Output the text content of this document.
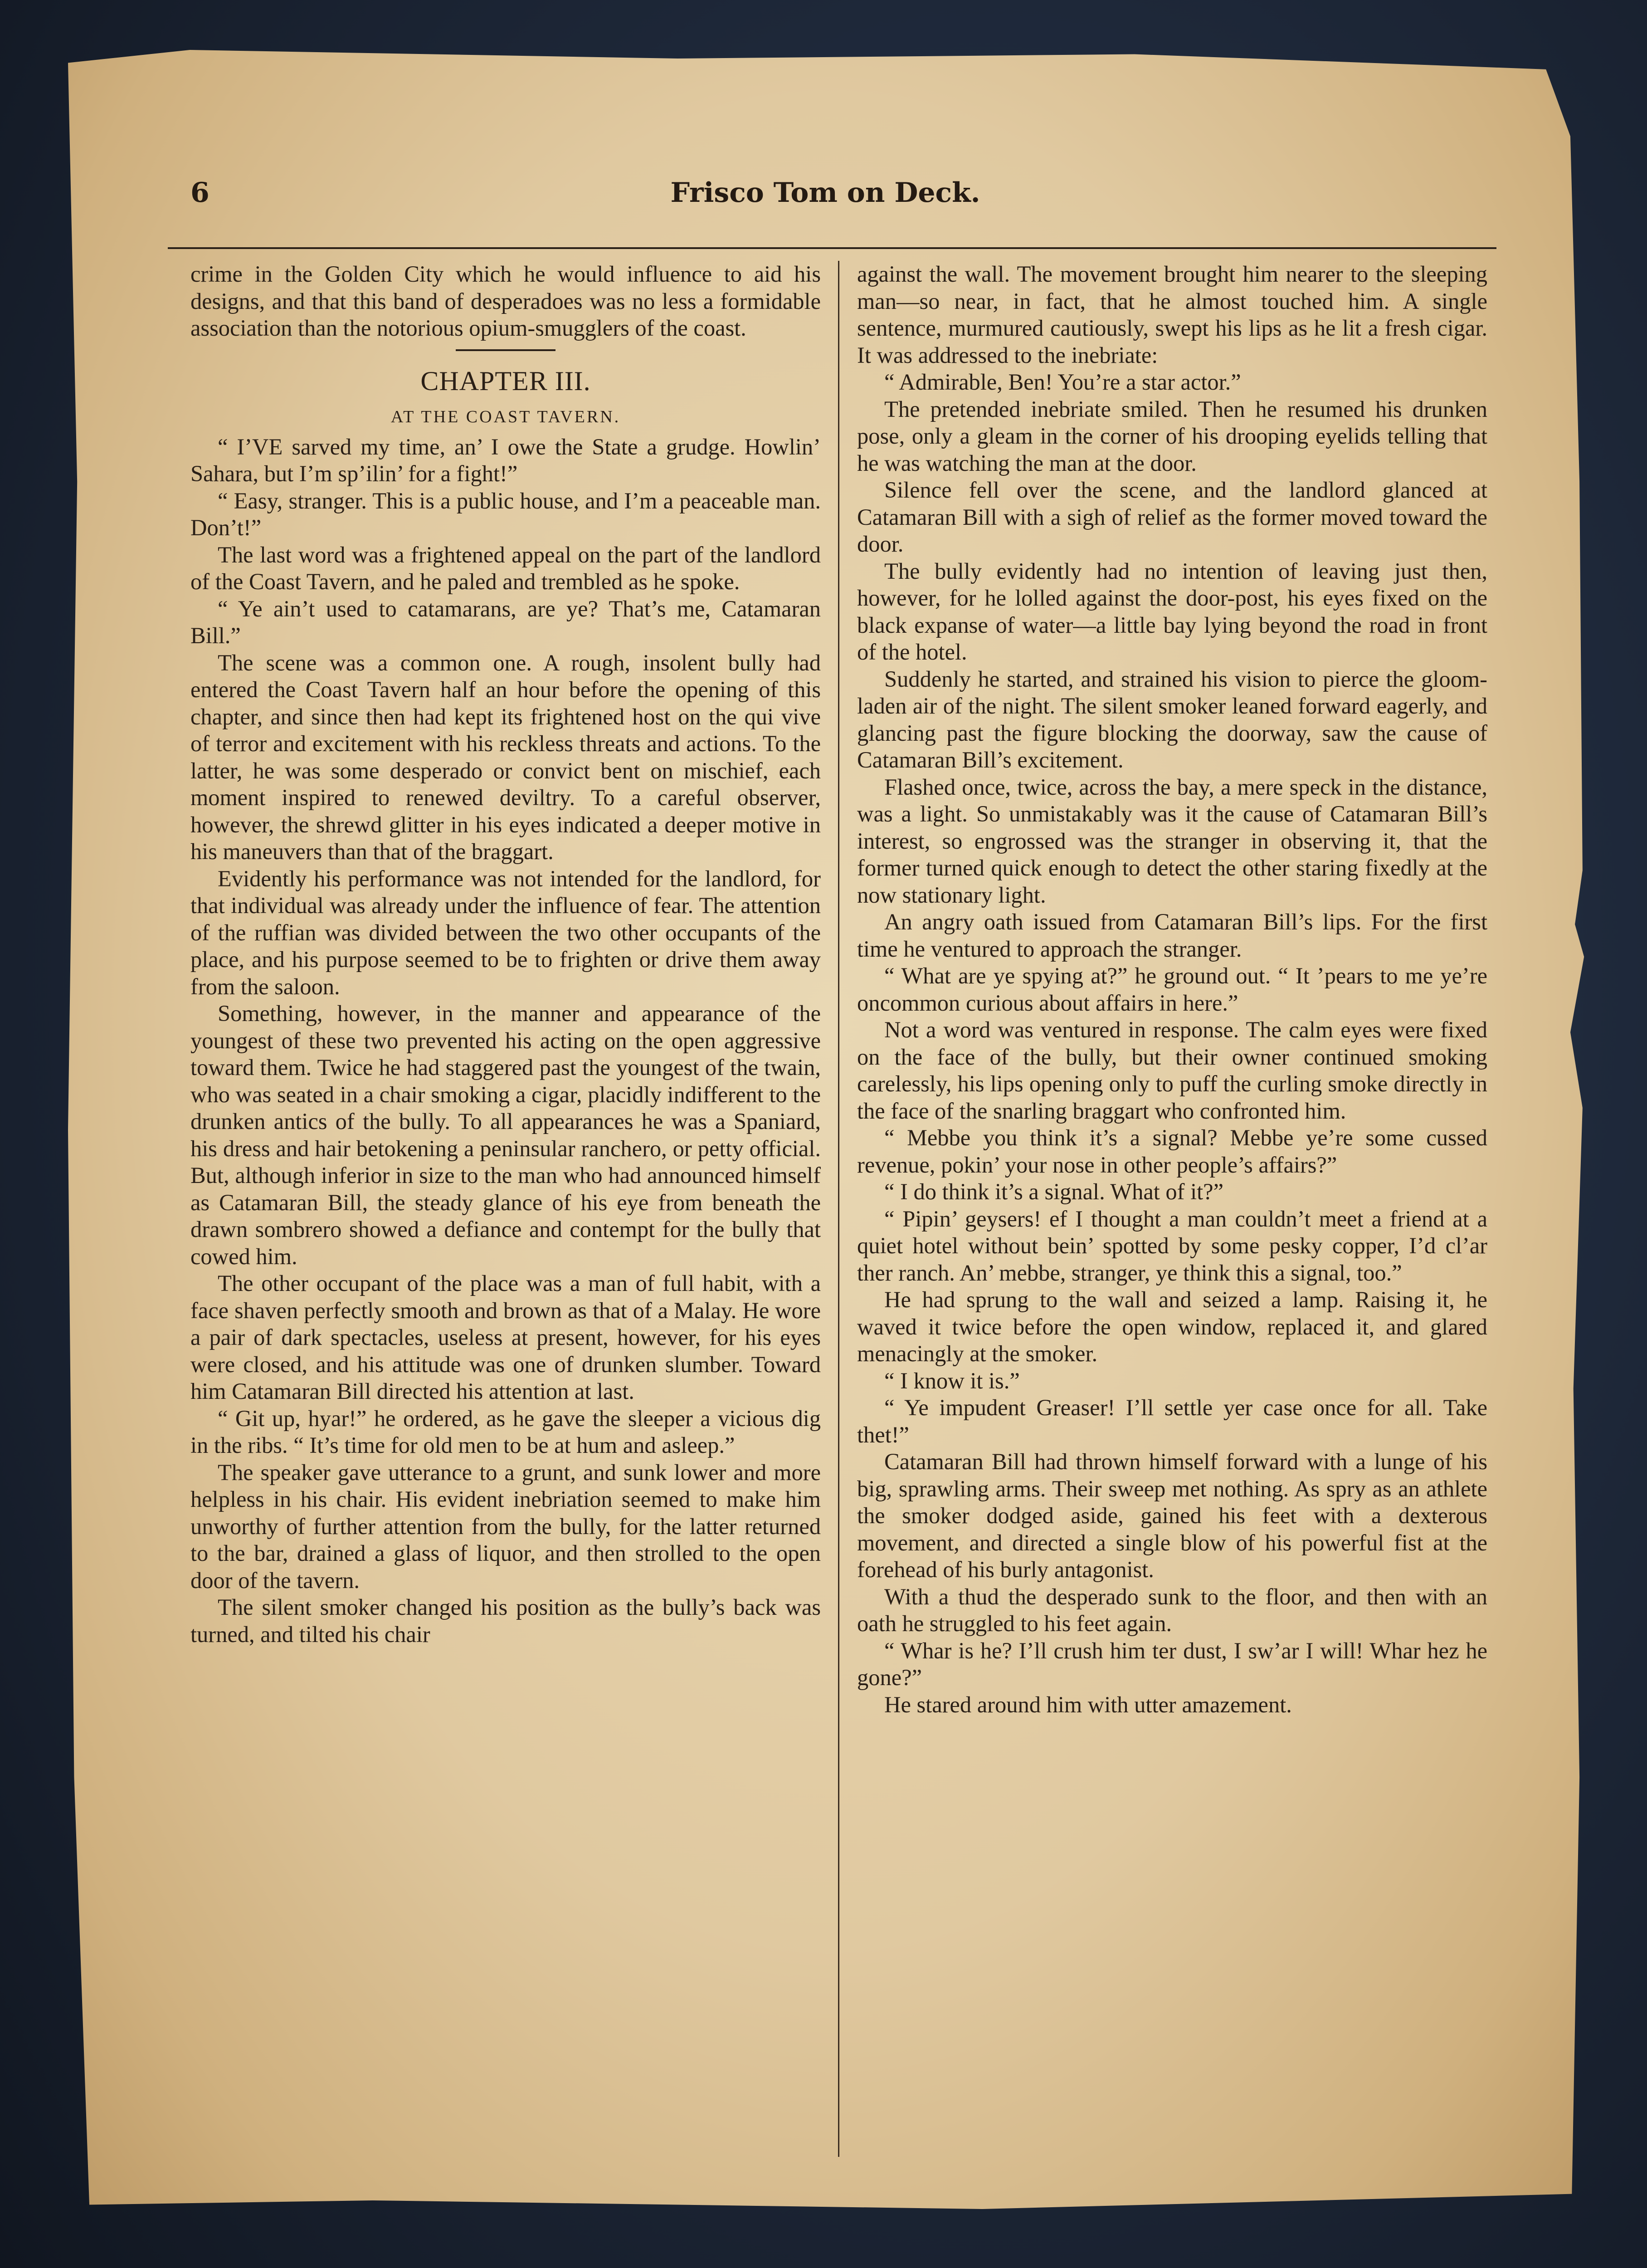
6	Frisco Tom on Deck.

crime in the Golden City which he would influence to aid his designs, and that this band of desperadoes was no less a formidable association than the notorious opium-smugglers of the coast.

CHAPTER III.
AT THE COAST TAVERN.

“ I’VE sarved my time, an’ I owe the State a grudge. Howlin’ Sahara, but I’m sp’ilin’ for a fight!”

“ Easy, stranger. This is a public house, and I’m a peaceable man. Don’t!”

The last word was a frightened appeal on the part of the landlord of the Coast Tavern, and he paled and trembled as he spoke.

“ Ye ain’t used to catamarans, are ye? That’s me, Catamaran Bill.”

The scene was a common one. A rough, insolent bully had entered the Coast Tavern half an hour before the opening of this chapter, and since then had kept its frightened host on the qui vive of terror and excitement with his reckless threats and actions. To the latter, he was some desperado or convict bent on mischief, each moment inspired to renewed deviltry. To a careful observer, however, the shrewd glitter in his eyes indicated a deeper motive in his maneuvers than that of the braggart.

Evidently his performance was not intended for the landlord, for that individual was already under the influence of fear. The attention of the ruffian was divided between the two other occupants of the place, and his purpose seemed to be to frighten or drive them away from the saloon.

Something, however, in the manner and appearance of the youngest of these two prevented his acting on the open aggressive toward them. Twice he had staggered past the youngest of the twain, who was seated in a chair smoking a cigar, placidly indifferent to the drunken antics of the bully. To all appearances he was a Spaniard, his dress and hair betokening a peninsular ranchero, or petty official. But, although inferior in size to the man who had announced himself as Catamaran Bill, the steady glance of his eye from beneath the drawn sombrero showed a defiance and contempt for the bully that cowed him.

The other occupant of the place was a man of full habit, with a face shaven perfectly smooth and brown as that of a Malay. He wore a pair of dark spectacles, useless at present, however, for his eyes were closed, and his attitude was one of drunken slumber. Toward him Catamaran Bill directed his attention at last.

“ Git up, hyar!” he ordered, as he gave the sleeper a vicious dig in the ribs. “ It’s time for old men to be at hum and asleep.”

The speaker gave utterance to a grunt, and sunk lower and more helpless in his chair. His evident inebriation seemed to make him unworthy of further attention from the bully, for the latter returned to the bar, drained a glass of liquor, and then strolled to the open door of the tavern.

The silent smoker changed his position as the bully’s back was turned, and tilted his chair

against the wall. The movement brought him nearer to the sleeping man—so near, in fact, that he almost touched him. A single sentence, murmured cautiously, swept his lips as he lit a fresh cigar. It was addressed to the inebriate:

“ Admirable, Ben! You’re a star actor.”

The pretended inebriate smiled. Then he resumed his drunken pose, only a gleam in the corner of his drooping eyelids telling that he was watching the man at the door.

Silence fell over the scene, and the landlord glanced at Catamaran Bill with a sigh of relief as the former moved toward the door.

The bully evidently had no intention of leaving just then, however, for he lolled against the door-post, his eyes fixed on the black expanse of water—a little bay lying beyond the road in front of the hotel.

Suddenly he started, and strained his vision to pierce the gloom-laden air of the night. The silent smoker leaned forward eagerly, and glancing past the figure blocking the doorway, saw the cause of Catamaran Bill’s excitement.

Flashed once, twice, across the bay, a mere speck in the distance, was a light. So unmistakably was it the cause of Catamaran Bill’s interest, so engrossed was the stranger in observing it, that the former turned quick enough to detect the other staring fixedly at the now stationary light.

An angry oath issued from Catamaran Bill’s lips. For the first time he ventured to approach the stranger.

“ What are ye spying at?” he ground out. “ It ’pears to me ye’re oncommon curious about affairs in here.”

Not a word was ventured in response. The calm eyes were fixed on the face of the bully, but their owner continued smoking carelessly, his lips opening only to puff the curling smoke directly in the face of the snarling braggart who confronted him.

“ Mebbe you think it’s a signal? Mebbe ye’re some cussed revenue, pokin’ your nose in other people’s affairs?”

“ I do think it’s a signal. What of it?”

“ Pipin’ geysers! ef I thought a man couldn’t meet a friend at a quiet hotel without bein’ spotted by some pesky copper, I’d cl’ar ther ranch. An’ mebbe, stranger, ye think this a signal, too.”

He had sprung to the wall and seized a lamp. Raising it, he waved it twice before the open window, replaced it, and glared menacingly at the smoker.

“ I know it is.”

“ Ye impudent Greaser! I’ll settle yer case once for all. Take thet!”

Catamaran Bill had thrown himself forward with a lunge of his big, sprawling arms. Their sweep met nothing. As spry as an athlete the smoker dodged aside, gained his feet with a dexterous movement, and directed a single blow of his powerful fist at the forehead of his burly antagonist.

With a thud the desperado sunk to the floor, and then with an oath he struggled to his feet again.

“ Whar is he? I’ll crush him ter dust, I sw’ar I will! Whar hez he gone?”

He stared around him with utter amazement.
